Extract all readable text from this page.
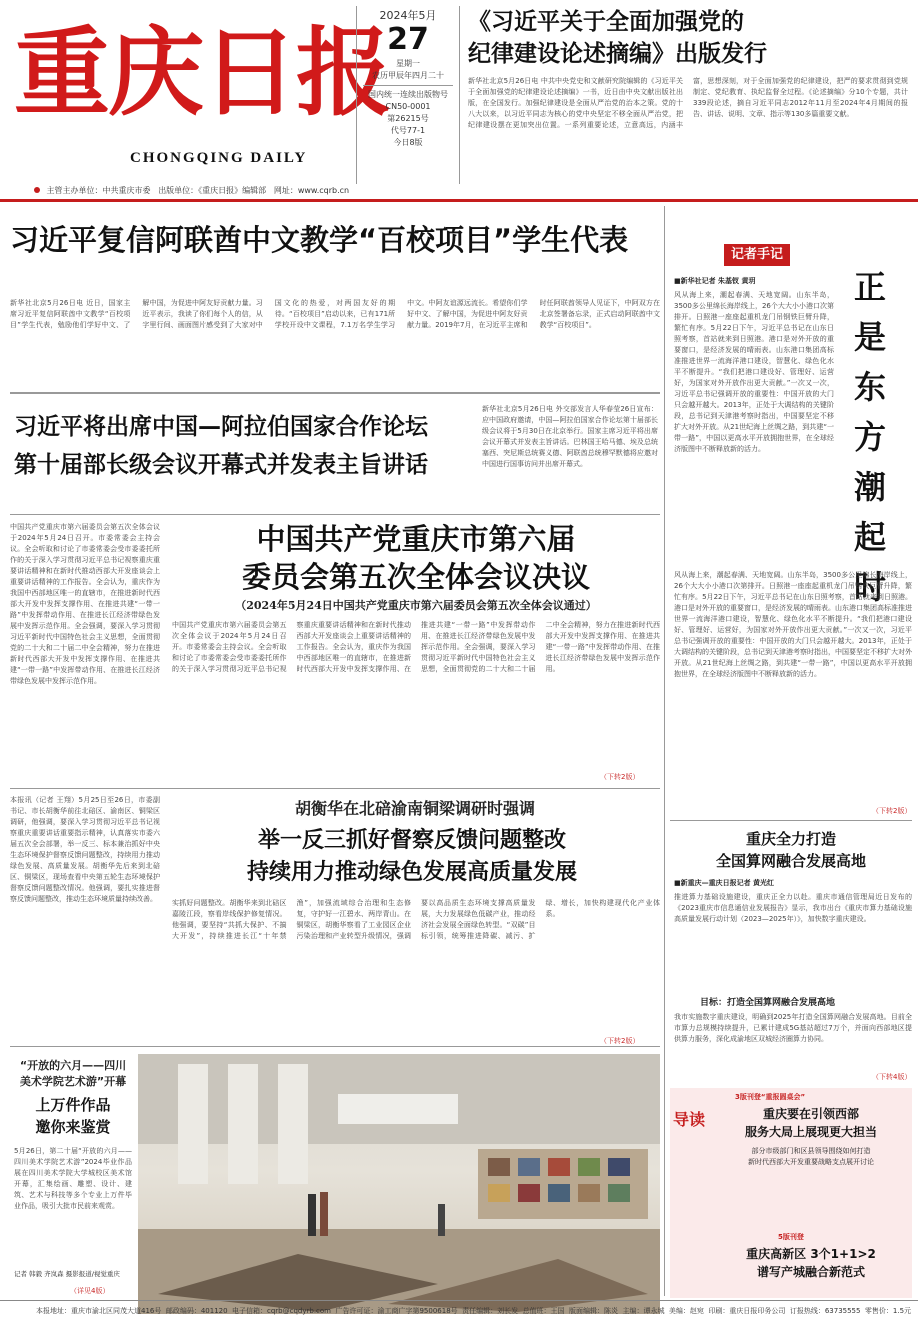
重庆日报
CHONGQING DAILY
2024年5月
27
星期一
农历甲辰年四月二十
国内统一连续出版物号
CN50-0001
第26215号
代号77-1
今日8版
《习近平关于全面加强党的
纪律建设论述摘编》出版发行
新华社北京5月26日电 中共中央党史和文献研究院编辑的《习近平关于全面加强党的纪律建设论述摘编》一书，近日由中央文献出版社出版，在全国发行。加强纪律建设是全面从严治党的治本之策。党的十八大以来，以习近平同志为核心的党中央坚定不移全面从严治党，把纪律建设摆在更加突出位置。一系列重要论述，立意高远，内涵丰富，思想深刻，对于全面加强党的纪律建设，把严的要求贯彻到党规制定、党纪教育、执纪监督全过程。《论述摘编》分10个专题，共计339段论述，摘自习近平同志2012年11月至2024年4月期间的报告、讲话、说明、文章、指示等130多篇重要文献。
主管主办单位：中共重庆市委 出版单位：《重庆日报》编辑部 网址：www.cqrb.cn
习近平复信阿联酋中文教学“百校项目”学生代表
新华社北京5月26日电 近日，国家主席习近平复信阿联酋中文教学“百校项目”学生代表，勉励他们学好中文、了解中国，为促进中阿友好贡献力量。习近平表示，我读了你们每个人的信，从字里行间、画面图片感受到了大家对中国文化的热爱，对两国友好的期待。“百校项目”启动以来，已有171所学校开设中文课程，7.1万名学生学习中文。中阿友谊源远流长。希望你们学好中文、了解中国，为促进中阿友好贡献力量。2019年7月，在习近平主席和时任阿联酋领导人见证下，中阿双方在北京签署备忘录，正式启动阿联酋中文教学“百校项目”。
习近平将出席中国—阿拉伯国家合作论坛
第十届部长级会议开幕式并发表主旨讲话
新华社北京5月26日电 外交部发言人华春莹26日宣布：应中国政府邀请，中国—阿拉伯国家合作论坛第十届部长级会议将于5月30日在北京举行。国家主席习近平将出席会议开幕式并发表主旨讲话。巴林国王哈马德、埃及总统塞西、突尼斯总统赛义德、阿联酋总统穆罕默德将应邀对中国进行国事访问并出席开幕式。
中国共产党重庆市第六届委员会第五次全体会议于2024年5月24日召开。市委常委会主持会议。全会听取和讨论了市委常委会受市委委托所作的关于深入学习贯彻习近平总书记视察重庆重要讲话精神和在新时代推动西部大开发座谈会上重要讲话精神的工作报告。全会认为，重庆作为我国中西部地区唯一的直辖市，在推进新时代西部大开发中发挥支撑作用、在推进共建“一带一路”中发挥带动作用、在推进长江经济带绿色发展中发挥示范作用。全会强调，要深入学习贯彻习近平新时代中国特色社会主义思想，全面贯彻党的二十大和二十届二中全会精神，努力在推进新时代西部大开发中发挥支撑作用、在推进共建“一带一路”中发挥带动作用、在推进长江经济带绿色发展中发挥示范作用。
中国共产党重庆市第六届
委员会第五次全体会议决议
（2024年5月24日中国共产党重庆市第六届委员会第五次全体会议通过）
中国共产党重庆市第六届委员会第五次全体会议于2024年5月24日召开。市委常委会主持会议。全会听取和讨论了市委常委会受市委委托所作的关于深入学习贯彻习近平总书记视察重庆重要讲话精神和在新时代推动西部大开发座谈会上重要讲话精神的工作报告。全会认为，重庆作为我国中西部地区唯一的直辖市，在推进新时代西部大开发中发挥支撑作用、在推进共建“一带一路”中发挥带动作用、在推进长江经济带绿色发展中发挥示范作用。全会强调，要深入学习贯彻习近平新时代中国特色社会主义思想，全面贯彻党的二十大和二十届二中全会精神，努力在推进新时代西部大开发中发挥支撑作用、在推进共建“一带一路”中发挥带动作用、在推进长江经济带绿色发展中发挥示范作用。
（下转2版）
本报讯（记者 王翔）5月25日至26日，市委副书记、市长胡衡华前往北碚区、渝南区、铜梁区调研，他强调，要深入学习贯彻习近平总书记视察重庆重要讲话重要指示精神，认真落实市委六届五次全会部署，举一反三、标本兼治抓好中央生态环境保护督察反馈问题整改，持续用力推动绿色发展、高质量发展。胡衡华先后来到北碚区、铜梁区，现场查看中央第五轮生态环境保护督察反馈问题整改情况。他强调，要扎实推进督察反馈问题整改，推动生态环境质量持续改善。
胡衡华在北碚渝南铜梁调研时强调
举一反三抓好督察反馈问题整改
持续用力推动绿色发展高质量发展
实抓好问题整改。胡衡华来到北碚区嘉陵江段，察看岸线保护修复情况。他强调，要坚持“共抓大保护、不搞大开发”，持续推进长江“十年禁渔”，加强流域综合治理和生态修复，守护好一江碧水、两岸青山。在铜梁区，胡衡华察看了工业园区企业污染治理和产业转型升级情况，强调要以高品质生态环境支撑高质量发展，大力发展绿色低碳产业，推动经济社会发展全面绿色转型。“双碳”目标引领，统筹推进降碳、减污、扩绿、增长，加快构建现代化产业体系。
（下转2版）
“开放的六月——四川
美术学院艺术游”开幕
上万件作品
邀你来鉴赏
5月26日，第二十届“开放的六月——四川美术学院艺术游”2024毕业作品展在四川美术学院大学城校区美术馆开幕，汇集绘画、雕塑、设计、建筑、艺术与科技等多个专业上万件毕业作品，吸引大批市民前来观赏。
记者 韩毅 齐岚森 摄影报道/视觉重庆
（详见4版）
记者手记
正是东方潮起时
■新华社记者 朱基钗 黄玥
风从海上来，潮起春满、天地宽阔。山东半岛，3500多公里绵长海岸线上，26个大大小小港口次第排开。日照港一座座起重机龙门吊钢铁巨臂升降，繁忙有序。5月22日下午，习近平总书记在山东日照考察，首站就来到日照港。港口是对外开放的重要窗口，是经济发展的晴雨表。山东港口集团高标准推进世界一流海洋港口建设，智慧化、绿色化水平不断提升。“我们把港口建设好、管理好、运营好，为国家对外开放作出更大贡献。”一次又一次，习近平总书记强调开放的重要性：中国开放的大门只会越开越大。2013年，正处于大调结构的关键阶段，总书记到天津港考察时指出，中国要坚定不移扩大对外开放。从21世纪海上丝绸之路，到共建“一带一路”，中国以更高水平开放拥抱世界，在全球经济版图中不断释放新的活力。
风从海上来，潮起春满、天地宽阔。山东半岛，3500多公里绵长海岸线上，26个大大小小港口次第排开。日照港一座座起重机龙门吊钢铁巨臂升降，繁忙有序。5月22日下午，习近平总书记在山东日照考察，首站就来到日照港。港口是对外开放的重要窗口，是经济发展的晴雨表。山东港口集团高标准推进世界一流海洋港口建设，智慧化、绿色化水平不断提升。“我们把港口建设好、管理好、运营好，为国家对外开放作出更大贡献。”一次又一次，习近平总书记强调开放的重要性：中国开放的大门只会越开越大。2013年，正处于大调结构的关键阶段，总书记到天津港考察时指出，中国要坚定不移扩大对外开放。从21世纪海上丝绸之路，到共建“一带一路”，中国以更高水平开放拥抱世界，在全球经济版图中不断释放新的活力。
（下转2版）
重庆全力打造
全国算网融合发展高地
■新重庆—重庆日报记者 黄光红
推进算力基础设施建设，重庆正全力以赴。重庆市通信管理局近日发布的《2023重庆市信息通信业发展报告》显示，我市出台《重庆市算力基础设施高质量发展行动计划（2023—2025年）》，加快数字重庆建设。
目标：打造全国算网融合发展高地
我市实施数字重庆建设，明确到2025年打造全国算网融合发展高地。目前全市算力总规模持续提升，已累计建成5G基站超过7万个，并面向西部地区提供算力服务，深化成渝地区双城经济圈算力协同。
（下转4版）
导读
3版刊登“重报圆桌会”
重庆要在引领西部
服务大局上展现更大担当
部分市级部门和区县领导围绕如何打造
新时代西部大开发重要战略支点展开讨论
5版刊登
重庆高新区 3个1+1>2
谱写产城融合新范式
本报地址：重庆市渝北区同茂大道416号 邮政编码：401120 电子信箱：cqrb@cqdyrb.com 广告许可证：渝工商广字第9500618号 责任编辑：刘长发 总值班：王国 版面编辑：陈炎 主编：谭永城 美编：赵宛 印刷：重庆日报印务公司 订报热线：63735555 零售价：1.5元
